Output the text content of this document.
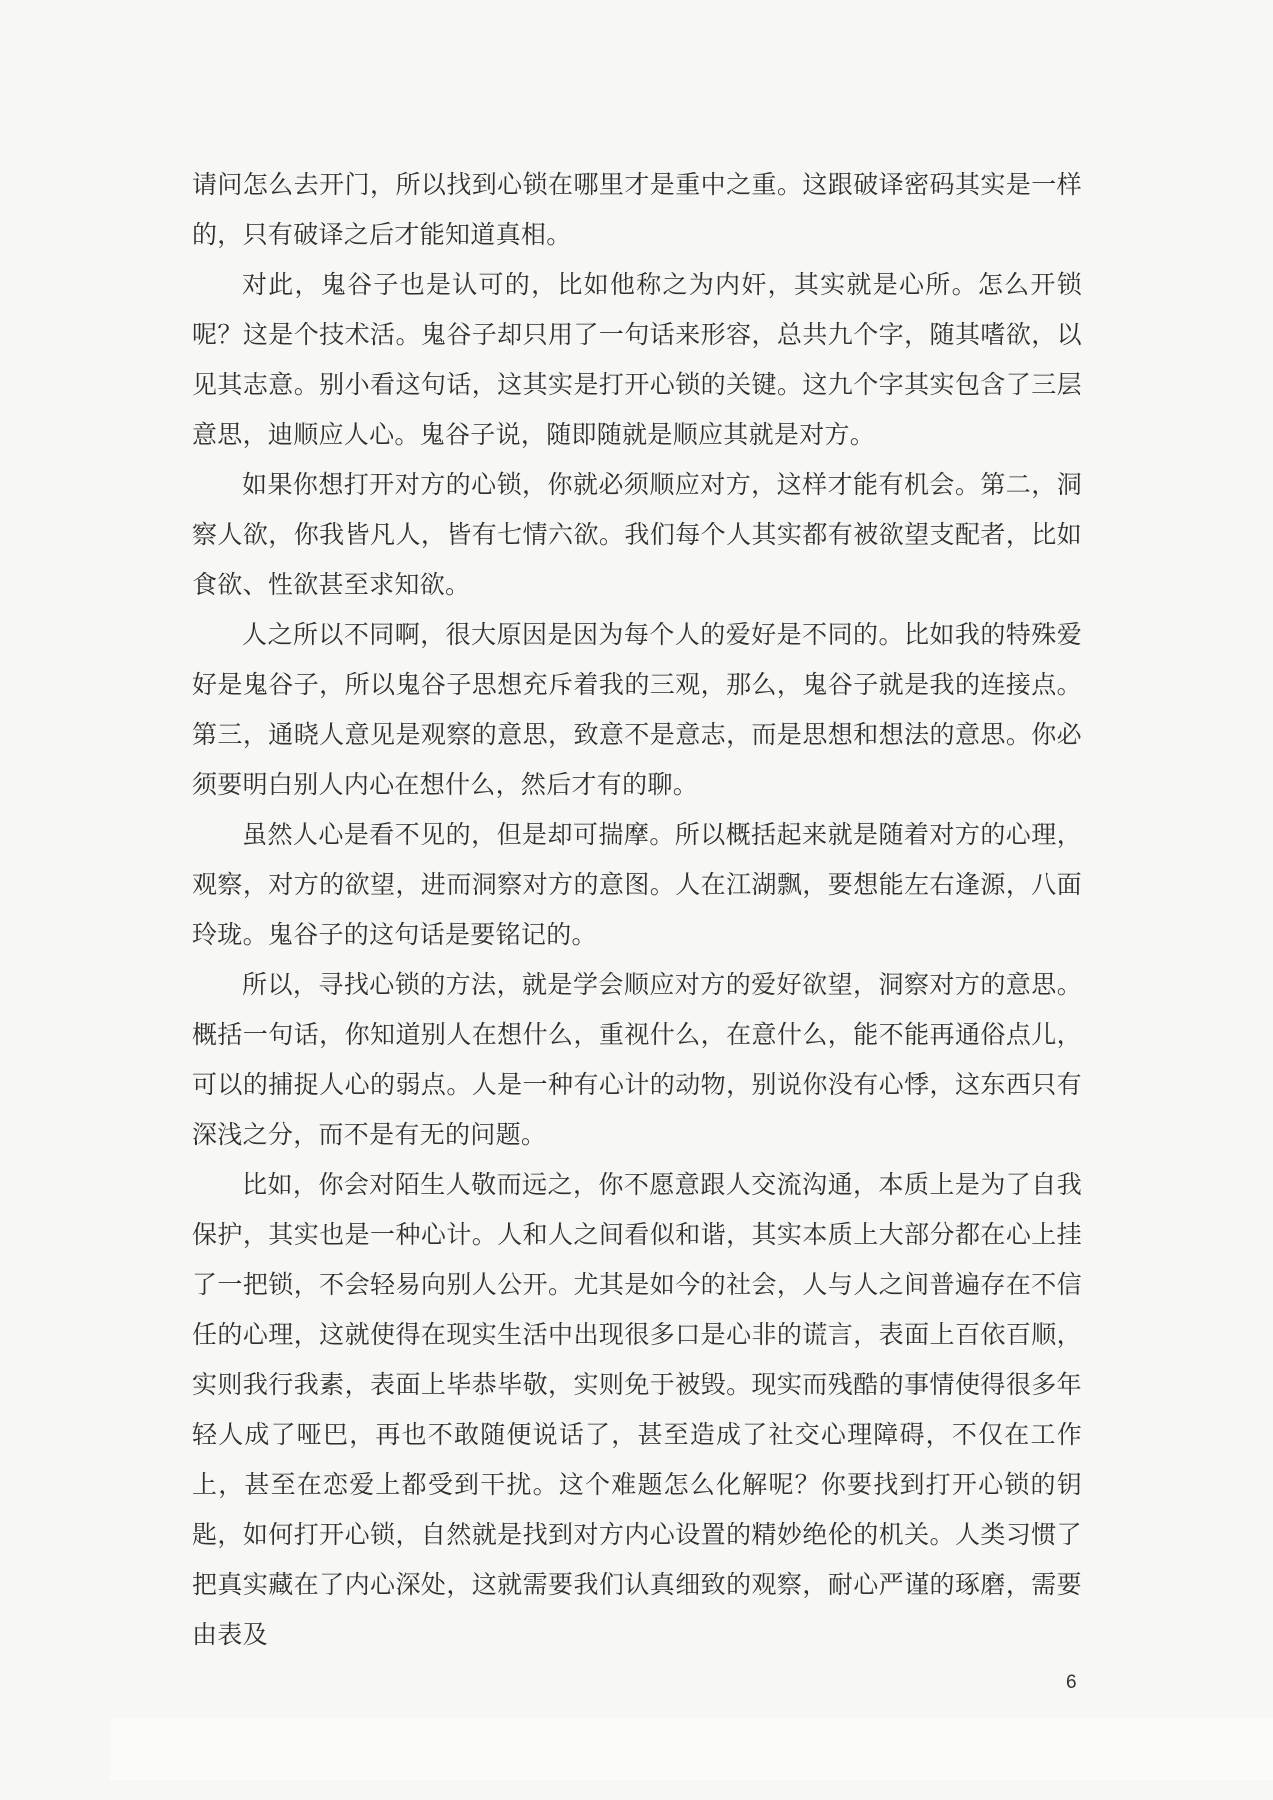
请问怎么去开门，所以找到心锁在哪里才是重中之重。这跟破译密码其实是一样的，只有破译之后才能知道真相。

对此，鬼谷子也是认可的，比如他称之为内奸，其实就是心所。怎么开锁呢？这是个技术活。鬼谷子却只用了一句话来形容，总共九个字，随其嗜欲，以见其志意。别小看这句话，这其实是打开心锁的关键。这九个字其实包含了三层意思，迪顺应人心。鬼谷子说，随即随就是顺应其就是对方。

如果你想打开对方的心锁，你就必须顺应对方，这样才能有机会。第二，洞察人欲，你我皆凡人，皆有七情六欲。我们每个人其实都有被欲望支配者，比如食欲、性欲甚至求知欲。

人之所以不同啊，很大原因是因为每个人的爱好是不同的。比如我的特殊爱好是鬼谷子，所以鬼谷子思想充斥着我的三观，那么，鬼谷子就是我的连接点。第三，通晓人意见是观察的意思，致意不是意志，而是思想和想法的意思。你必须要明白别人内心在想什么，然后才有的聊。

虽然人心是看不见的，但是却可揣摩。所以概括起来就是随着对方的心理，观察，对方的欲望，进而洞察对方的意图。人在江湖飘，要想能左右逢源，八面玲珑。鬼谷子的这句话是要铭记的。

所以，寻找心锁的方法，就是学会顺应对方的爱好欲望，洞察对方的意思。概括一句话，你知道别人在想什么，重视什么，在意什么，能不能再通俗点儿，可以的捕捉人心的弱点。人是一种有心计的动物，别说你没有心悸，这东西只有深浅之分，而不是有无的问题。

比如，你会对陌生人敬而远之，你不愿意跟人交流沟通，本质上是为了自我保护，其实也是一种心计。人和人之间看似和谐，其实本质上大部分都在心上挂了一把锁，不会轻易向别人公开。尤其是如今的社会，人与人之间普遍存在不信任的心理，这就使得在现实生活中出现很多口是心非的谎言，表面上百依百顺，实则我行我素，表面上毕恭毕敬，实则免于被毁。现实而残酷的事情使得很多年轻人成了哑巴，再也不敢随便说话了，甚至造成了社交心理障碍，不仅在工作上，甚至在恋爱上都受到干扰。这个难题怎么化解呢？你要找到打开心锁的钥匙，如何打开心锁，自然就是找到对方内心设置的精妙绝伦的机关。人类习惯了把真实藏在了内心深处，这就需要我们认真细致的观察，耐心严谨的琢磨，需要由表及

6
